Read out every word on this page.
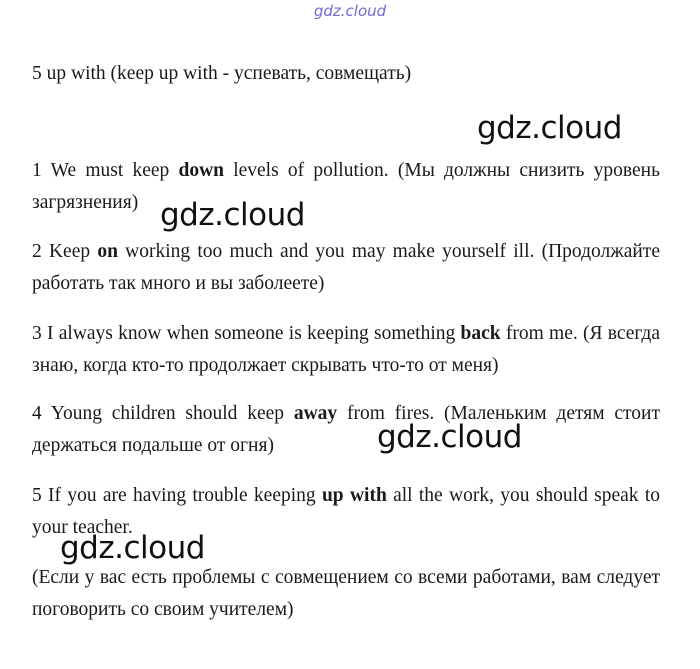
gdz.cloud

5 up with (keep up with - успевать, совмещать)

1 We must keep down levels of pollution. (Мы должны снизить уровень загрязнения)

2 Keep on working too much and you may make yourself ill. (Продолжайте работать так много и вы заболеете)

3 I always know when someone is keeping something back from me. (Я всегда знаю, когда кто-то продолжает скрывать что-то от меня)

4 Young children should keep away from fires. (Маленьким детям стоит держаться подальше от огня)

5 If you are having trouble keeping up with all the work, you should speak to your teacher.

(Если у вас есть проблемы с совмещением со всеми работами, вам следует поговорить со своим учителем)

gdz.cloud
gdz.cloud
gdz.cloud
gdz.cloud
